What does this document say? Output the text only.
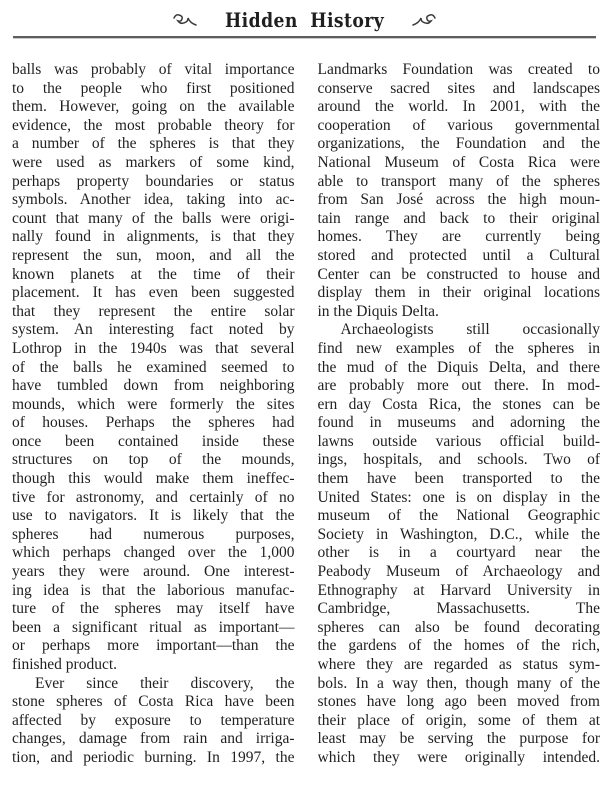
Hidden History
balls was probably of vital importance
to the people who first positioned
them. However, going on the available
evidence, the most probable theory for
a number of the spheres is that they
were used as markers of some kind,
perhaps property boundaries or status
symbols. Another idea, taking into ac-
count that many of the balls were origi-
nally found in alignments, is that they
represent the sun, moon, and all the
known planets at the time of their
placement. It has even been suggested
that they represent the entire solar
system. An interesting fact noted by
Lothrop in the 1940s was that several
of the balls he examined seemed to
have tumbled down from neighboring
mounds, which were formerly the sites
of houses. Perhaps the spheres had
once been contained inside these
structures on top of the mounds,
though this would make them ineffec-
tive for astronomy, and certainly of no
use to navigators. It is likely that the
spheres had numerous purposes,
which perhaps changed over the 1,000
years they were around. One interest-
ing idea is that the laborious manufac-
ture of the spheres may itself have
been a significant ritual as important—
or perhaps more important—than the
finished product.
Ever since their discovery, the
stone spheres of Costa Rica have been
affected by exposure to temperature
changes, damage from rain and irriga-
tion, and periodic burning. In 1997, the
Landmarks Foundation was created to
conserve sacred sites and landscapes
around the world. In 2001, with the
cooperation of various governmental
organizations, the Foundation and the
National Museum of Costa Rica were
able to transport many of the spheres
from San José across the high moun-
tain range and back to their original
homes. They are currently being
stored and protected until a Cultural
Center can be constructed to house and
display them in their original locations
in the Diquis Delta.
Archaeologists still occasionally
find new examples of the spheres in
the mud of the Diquis Delta, and there
are probably more out there. In mod-
ern day Costa Rica, the stones can be
found in museums and adorning the
lawns outside various official build-
ings, hospitals, and schools. Two of
them have been transported to the
United States: one is on display in the
museum of the National Geographic
Society in Washington, D.C., while the
other is in a courtyard near the
Peabody Museum of Archaeology and
Ethnography at Harvard University in
Cambridge, Massachusetts. The
spheres can also be found decorating
the gardens of the homes of the rich,
where they are regarded as status sym-
bols. In a way then, though many of the
stones have long ago been moved from
their place of origin, some of them at
least may be serving the purpose for
which they were originally intended.
